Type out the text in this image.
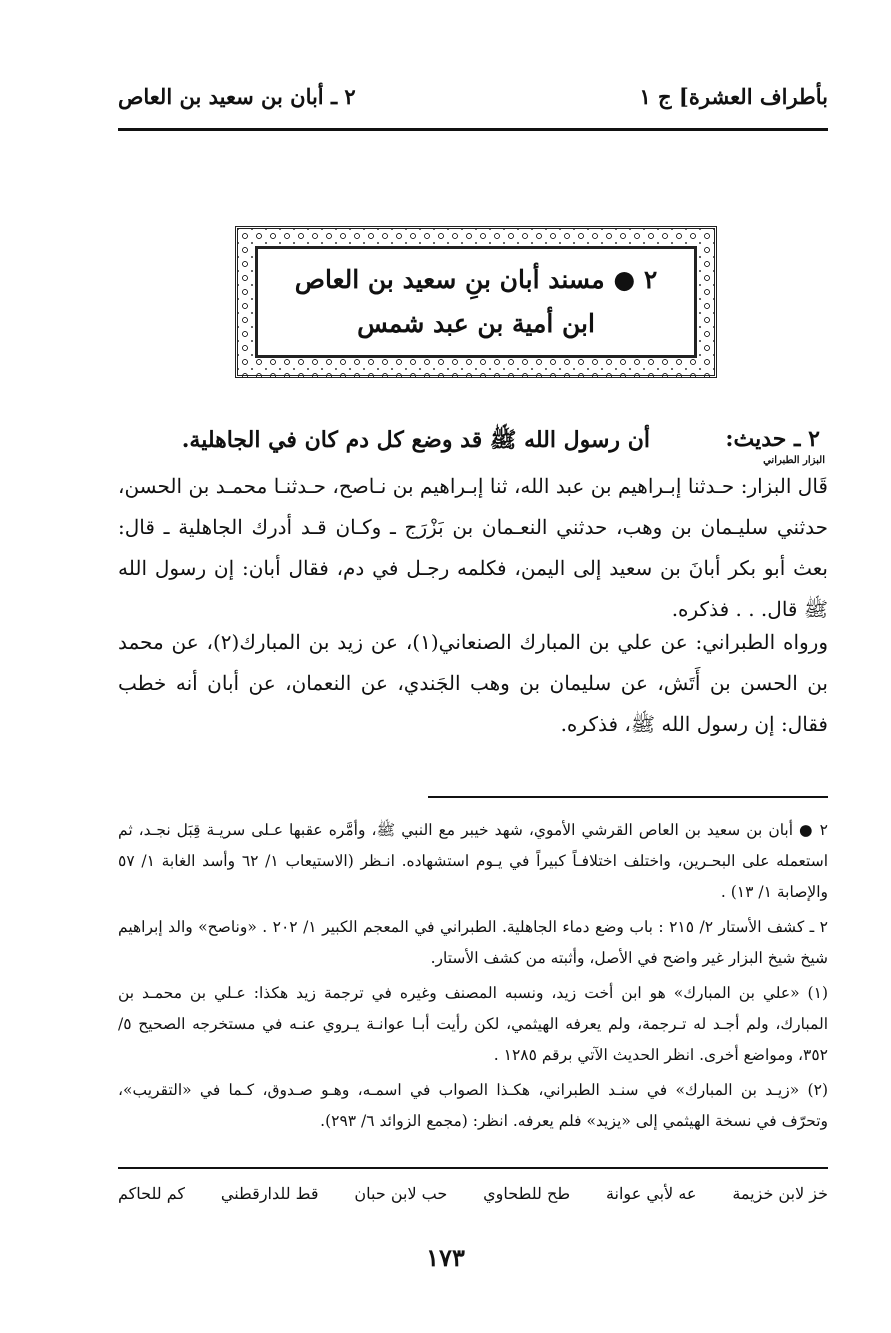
بأطراف العشرة] ج ١
٢ ـ أبان بن سعيد بن العاص
٢ ● مسند أبان بنِ سعيد بن العاص
ابن أمية بن عبد شمس
٢ ـ حديث:
أن رسول الله ﷺ قد وضع كل دم كان في الجاهلية.
البزار الطبراني

قَال البزار: حـدثنا إبـراهيم بن عبد الله، ثنا إبـراهيم بن نـاصح، حـدثنـا محمـد بن الحسن، حدثني سليـمان بن وهب، حدثني النعـمان بن بَزْرَج ـ وكـان قـد أدرك الجاهلية ـ قال: بعث أبو بكر أبانَ بن سعيد إلى اليمن، فكلمه رجـل في دم، فقال أبان: إن رسول الله ﷺ قال. . . فذكره.

ورواه الطبراني: عن علي بن المبارك الصنعاني(١)، عن زيد بن المبارك(٢)، عن محمد بن الحسن بن أَتَش، عن سليمان بن وهب الجَندي، عن النعمان، عن أبان أنه خطب فقال: إن رسول الله ﷺ، فذكره.

٢ ● أبان بن سعيد بن العاص القرشي الأموي، شهد خيبر مع النبي ﷺ، وأمَّره عقبها عـلى سريـة قِبَل نجـد، ثم استعمله على البحـرين، واختلف اختلافـاً كبيراً في يـوم استشهاده. انـظر (الاستيعاب ١/ ٦٢ وأسد الغابة ١/ ٥٧ والإصابة ١/ ١٣) .

٢ ـ كشف الأستار ٢/ ٢١٥ : باب وضع دماء الجاهلية. الطبراني في المعجم الكبير ١/ ٢٠٢ . «وناصح» والد إبراهيم شيخ شيخ البزار غير واضح في الأصل، وأثبته من كشف الأستار.

(١) «علي بن المبارك» هو ابن أخت زيد، ونسبه المصنف وغيره في ترجمة زيد هكذا: عـلي بن محمـد بن المبارك، ولم أجـد له تـرجمة، ولم يعرفه الهيثمي، لكن رأيت أبـا عوانـة يـروي عنـه في مستخرجه الصحيح ٥/ ٣٥٢، ومواضع أخرى. انظر الحديث الآتي برقم ١٢٨٥ .

(٢) «زيـد بن المبارك» في سنـد الطبراني، هكـذا الصواب في اسمـه، وهـو صـدوق، كـما في «التقريب»، وتحرّف في نسخة الهيثمي إلى «يزيد» فلم يعرفه. انظر: (مجمع الزوائد ٦/ ٢٩٣).

خز لابن خزيمة
عه لأبي عوانة
طح للطحاوي
حب لابن حبان
قط للدارقطني
كم للحاكم
١٧٣
